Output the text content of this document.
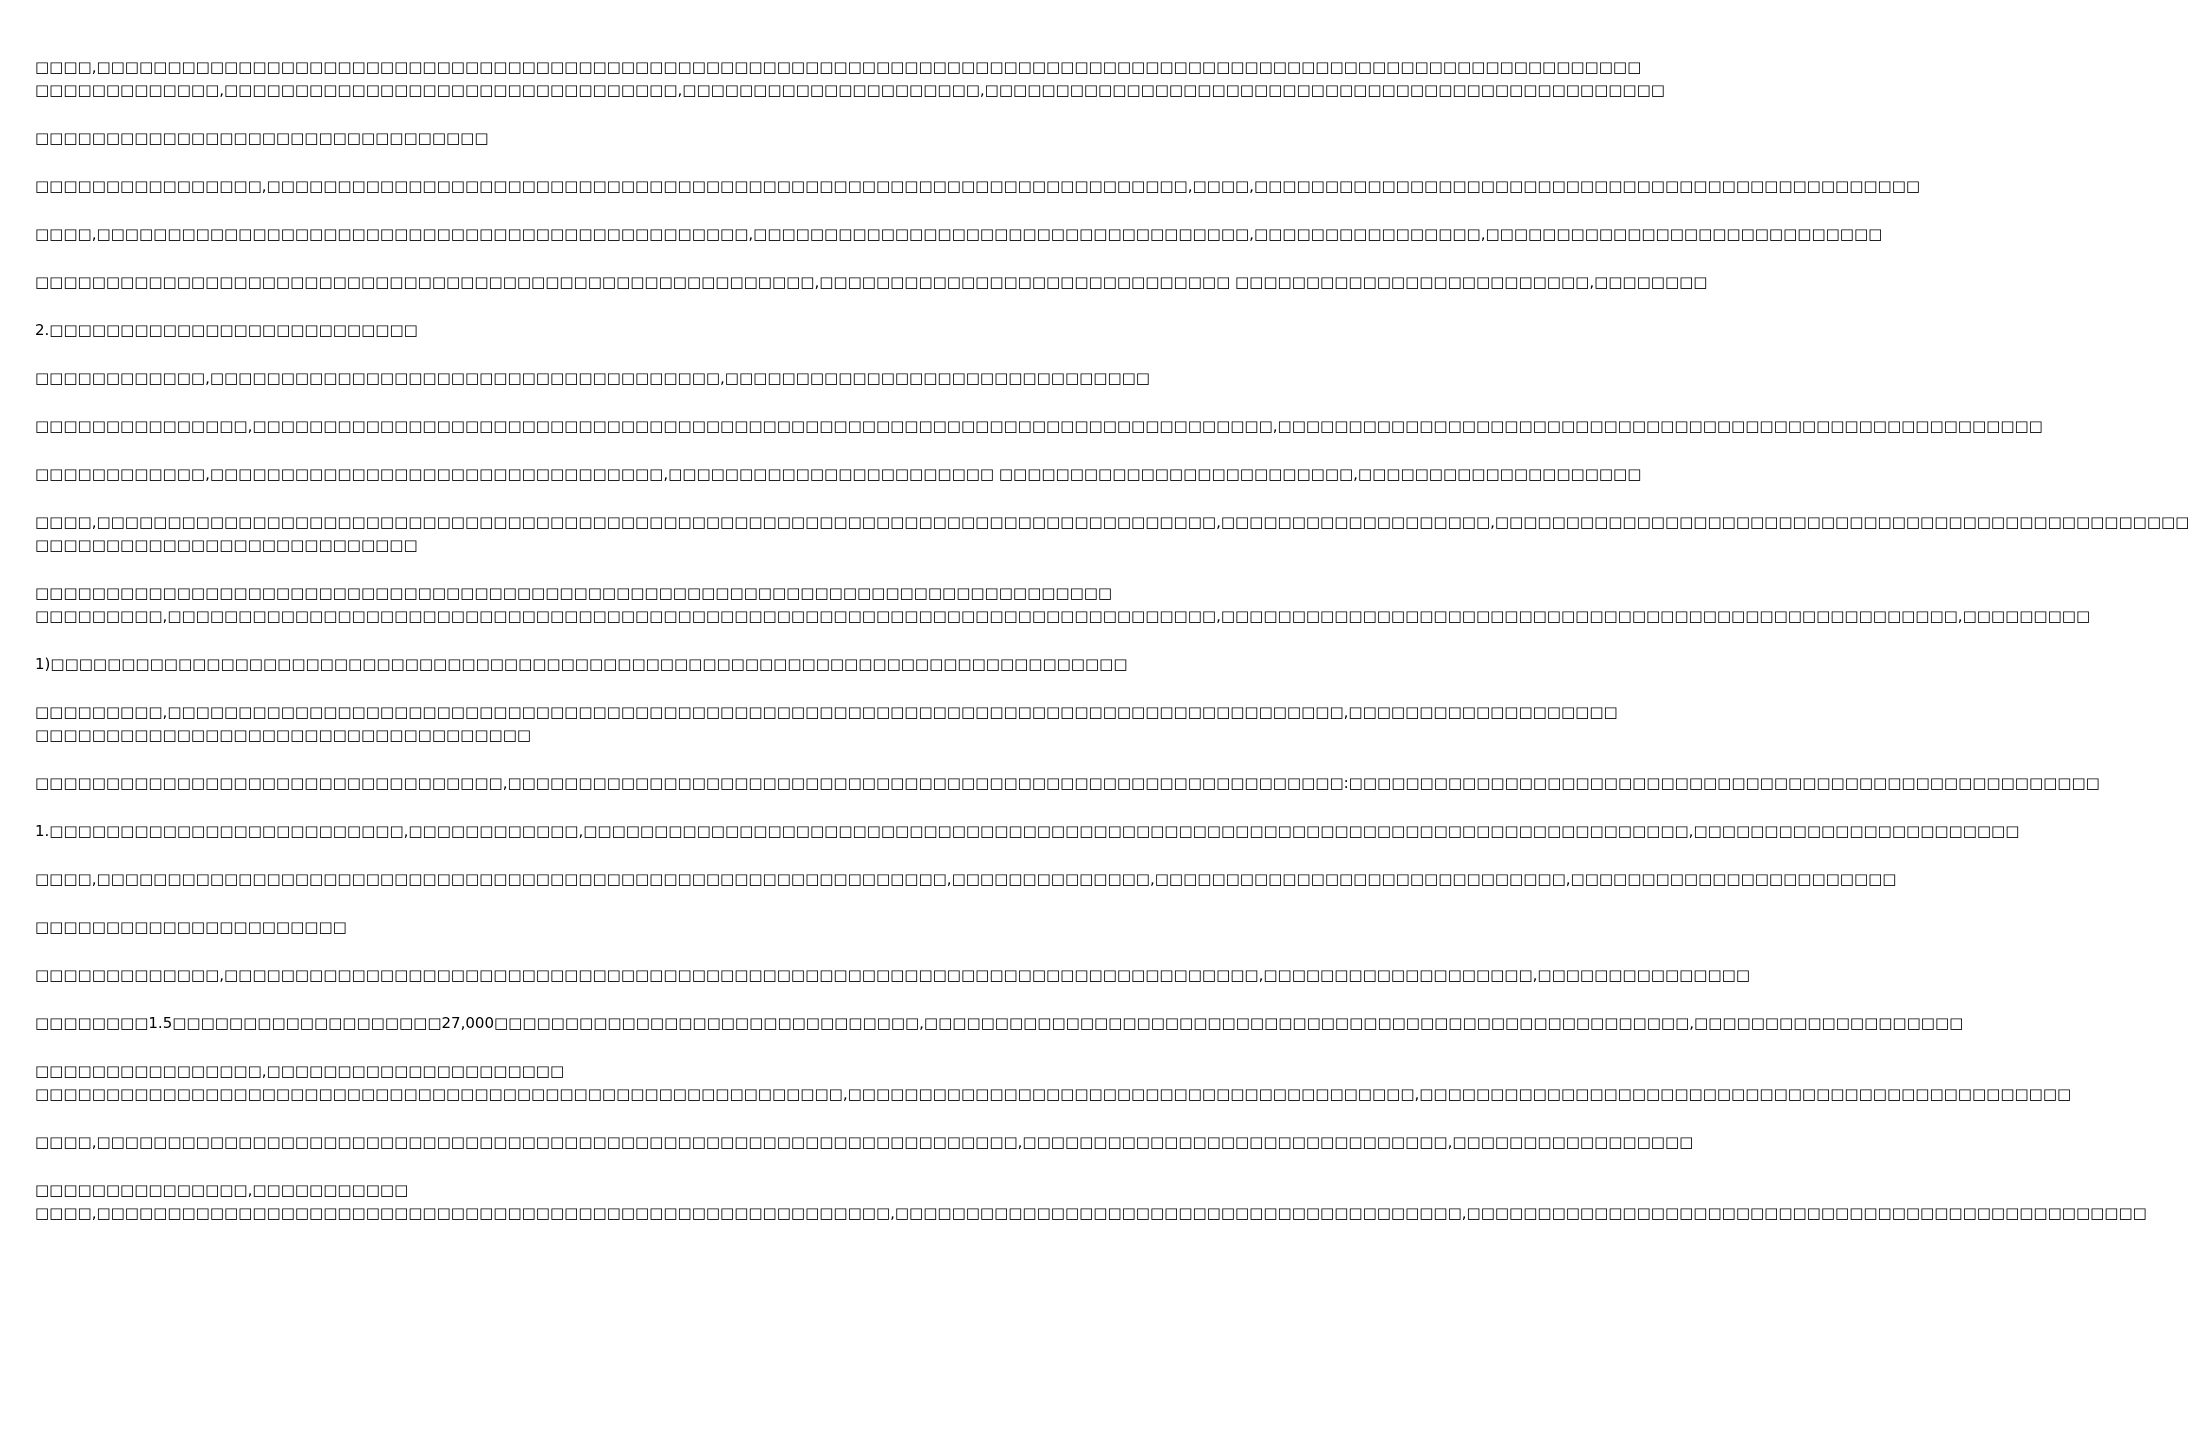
□□□□,□□□□□□□□□□□□□□□□□□□□□□□□□□□□□□□□□□□□□□□□□□□□□□□□□□□□□□□□□□□□□□□□□□□□□□□□□□□□□□□□□□□□□□□□□□□□□□□□□□□□□□□□□□□□□
□□□□□□□□□□□□□,□□□□□□□□□□□□□□□□□□□□□□□□□□□□□□□□,□□□□□□□□□□□□□□□□□□□□□,□□□□□□□□□□□□□□□□□□□□□□□□□□□□□□□□□□□□□□□□□□□□□□□□
□□□□□□□□□□□□□□□□□□□□□□□□□□□□□□□□
□□□□□□□□□□□□□□□□,□□□□□□□□□□□□□□□□□□□□□□□□□□□□□□□□□□□□□□□□□□□□□□□□□□□□□□□□□□□□□□□□□,□□□□,□□□□□□□□□□□□□□□□□□□□□□□□□□□□□□□□□□□□□□□□□□□□□□□
□□□□,□□□□□□□□□□□□□□□□□□□□□□□□□□□□□□□□□□□□□□□□□□□□□□,□□□□□□□□□□□□□□□□□□□□□□□□□□□□□□□□□□□,□□□□□□□□□□□□□□□□,□□□□□□□□□□□□□□□□□□□□□□□□□□□□
□□□□□□□□□□□□□□□□□□□□□□□□□□□□□□□□□□□□□□□□□□□□□□□□□□□□□□□,□□□□□□□□□□□□□□□□□□□□□□□□□□□□□ □□□□□□□□□□□□□□□□□□□□□□□□□,□□□□□□□□
2.□□□□□□□□□□□□□□□□□□□□□□□□□□
□□□□□□□□□□□□,□□□□□□□□□□□□□□□□□□□□□□□□□□□□□□□□□□□□,□□□□□□□□□□□□□□□□□□□□□□□□□□□□□□
□□□□□□□□□□□□□□□,□□□□□□□□□□□□□□□□□□□□□□□□□□□□□□□□□□□□□□□□□□□□□□□□□□□□□□□□□□□□□□□□□□□□□□□□,□□□□□□□□□□□□□□□□□□□□□□□□□□□□□□□□□□□□□□□□□□□□□□□□□□□□□□
□□□□□□□□□□□□,□□□□□□□□□□□□□□□□□□□□□□□□□□□□□□□□,□□□□□□□□□□□□□□□□□□□□□□□ □□□□□□□□□□□□□□□□□□□□□□□□□,□□□□□□□□□□□□□□□□□□□□
□□□□,□□□□□□□□□□□□□□□□□□□□□□□□□□□□□□□□□□□□□□□□□□□□□□□□□□□□□□□□□□□□□□□□□□□□□□□□□□□□□□□,□□□□□□□□□□□□□□□□□□□,□□□□□□□□□□□□□□□□□□□□□□□□□□□□□□□□□□□□□□□□□□□□□□□□□
□□□□□□□□□□□□□□□□□□□□□□□□□□□
□□□□□□□□□□□□□□□□□□□□□□□□□□□□□□□□□□□□□□□□□□□□□□□□□□□□□□□□□□□□□□□□□□□□□□□□□□□□
□□□□□□□□□,□□□□□□□□□□□□□□□□□□□□□□□□□□□□□□□□□□□□□□□□□□□□□□□□□□□□□□□□□□□□□□□□□□□□□□□□□□,□□□□□□□□□□□□□□□□□□□□□□□□□□□□□□□□□□□□□□□□□□□□□□□□□□□□,□□□□□□□□□
1)□□□□□□□□□□□□□□□□□□□□□□□□□□□□□□□□□□□□□□□□□□□□□□□□□□□□□□□□□□□□□□□□□□□□□□□□□□□□
□□□□□□□□□,□□□□□□□□□□□□□□□□□□□□□□□□□□□□□□□□□□□□□□□□□□□□□□□□□□□□□□□□□□□□□□□□□□□□□□□□□□□□□□□□□□□,□□□□□□□□□□□□□□□□□□□
□□□□□□□□□□□□□□□□□□□□□□□□□□□□□□□□□□□
□□□□□□□□□□□□□□□□□□□□□□□□□□□□□□□□□,□□□□□□□□□□□□□□□□□□□□□□□□□□□□□□□□□□□□□□□□□□□□□□□□□□□□□□□□□□□:□□□□□□□□□□□□□□□□□□□□□□□□□□□□□□□□□□□□□□□□□□□□□□□□□□□□□
1.□□□□□□□□□□□□□□□□□□□□□□□□□,□□□□□□□□□□□□,□□□□□□□□□□□□□□□□□□□□□□□□□□□□□□□□□□□□□□□□□□□□□□□□□□□□□□□□□□□□□□□□□□□□□□□□□□□□□□,□□□□□□□□□□□□□□□□□□□□□□□
□□□□,□□□□□□□□□□□□□□□□□□□□□□□□□□□□□□□□□□□□□□□□□□□□□□□□□□□□□□□□□□□□,□□□□□□□□□□□□□□,□□□□□□□□□□□□□□□□□□□□□□□□□□□□□,□□□□□□□□□□□□□□□□□□□□□□□
□□□□□□□□□□□□□□□□□□□□□□
□□□□□□□□□□□□□,□□□□□□□□□□□□□□□□□□□□□□□□□□□□□□□□□□□□□□□□□□□□□□□□□□□□□□□□□□□□□□□□□□□□□□□□□,□□□□□□□□□□□□□□□□□□□,□□□□□□□□□□□□□□□
□□□□□□□□1.5□□□□□□□□□□□□□□□□□□□27,000□□□□□□□□□□□□□□□□□□□□□□□□□□□□□□,□□□□□□□□□□□□□□□□□□□□□□□□□□□□□□□□□□□□□□□□□□□□□□□□□□□□□□,□□□□□□□□□□□□□□□□□□□
□□□□□□□□□□□□□□□□,□□□□□□□□□□□□□□□□□□□□□
□□□□□□□□□□□□□□□□□□□□□□□□□□□□□□□□□□□□□□□□□□□□□□□□□□□□□□□□□,□□□□□□□□□□□□□□□□□□□□□□□□□□□□□□□□□□□□□□□□,□□□□□□□□□□□□□□□□□□□□□□□□□□□□□□□□□□□□□□□□□□□□□□
□□□□,□□□□□□□□□□□□□□□□□□□□□□□□□□□□□□□□□□□□□□□□□□□□□□□□□□□□□□□□□□□□□□□□□,□□□□□□□□□□□□□□□□□□□□□□□□□□□□□□,□□□□□□□□□□□□□□□□□
□□□□□□□□□□□□□□□,□□□□□□□□□□□
□□□□,□□□□□□□□□□□□□□□□□□□□□□□□□□□□□□□□□□□□□□□□□□□□□□□□□□□□□□□□,□□□□□□□□□□□□□□□□□□□□□□□□□□□□□□□□□□□□□□□□,□□□□□□□□□□□□□□□□□□□□□□□□□□□□□□□□□□□□□□□□□□□□□□□□
